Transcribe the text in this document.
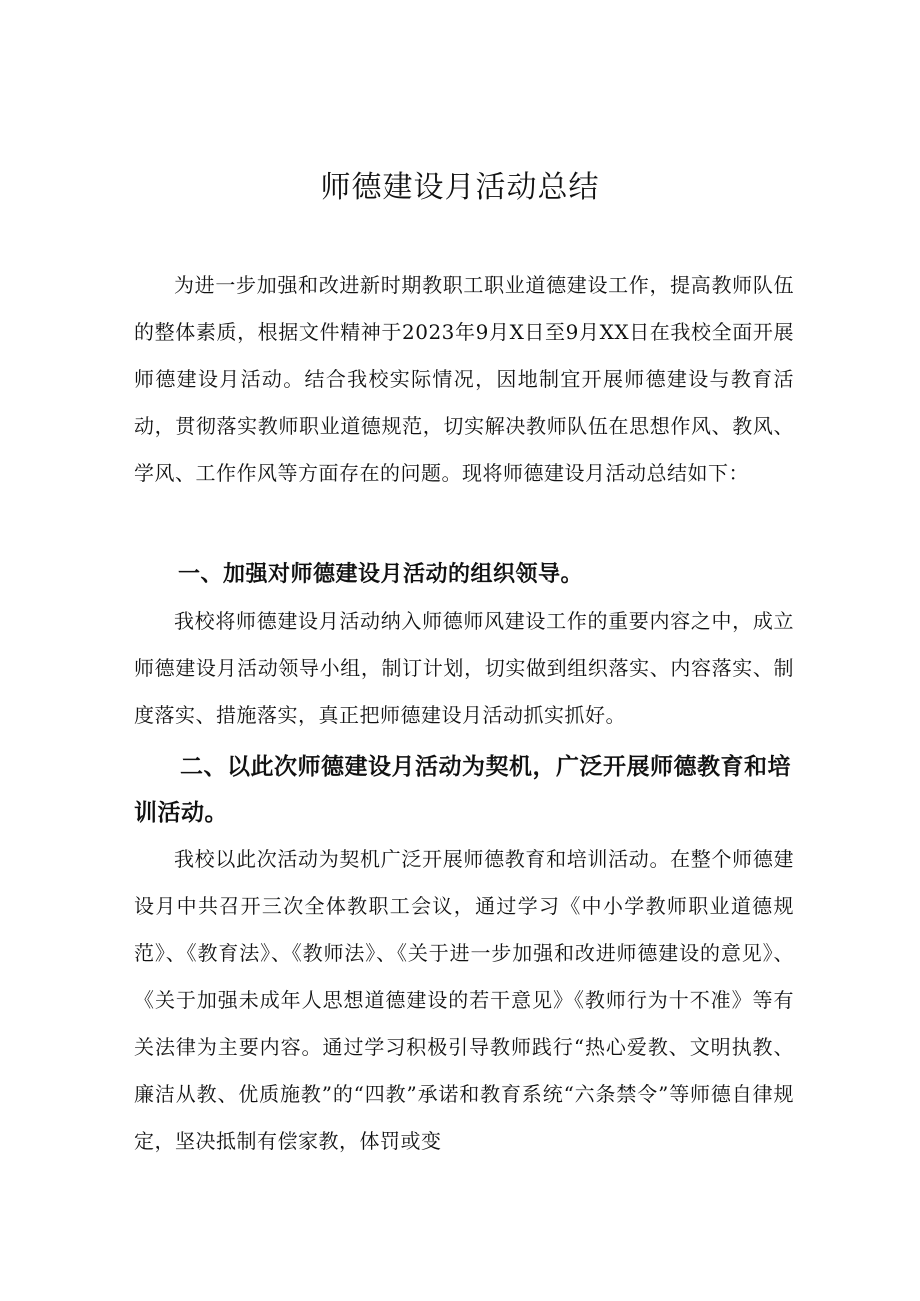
师德建设月活动总结

为进一步加强和改进新时期教职工职业道德建设工作，提高教师队伍的整体素质，根据文件精神于2023年9月X日至9月XX日在我校全面开展师德建设月活动。结合我校实际情况，因地制宜开展师德建设与教育活动，贯彻落实教师职业道德规范，切实解决教师队伍在思想作风、教风、学风、工作作风等方面存在的问题。现将师德建设月活动总结如下：

一、加强对师德建设月活动的组织领导。

我校将师德建设月活动纳入师德师风建设工作的重要内容之中，成立师德建设月活动领导小组，制订计划，切实做到组织落实、内容落实、制度落实、措施落实，真正把师德建设月活动抓实抓好。

二、以此次师德建设月活动为契机，广泛开展师德教育和培训活动。

我校以此次活动为契机广泛开展师德教育和培训活动。在整个师德建设月中共召开三次全体教职工会议，通过学习《中小学教师职业道德规范》、《教育法》、《教师法》、《关于进一步加强和改进师德建设的意见》、《关于加强未成年人思想道德建设的若干意见》《教师行为十不准》等有关法律为主要内容。通过学习积极引导教师践行“热心爱教、文明执教、廉洁从教、优质施教”的“四教”承诺和教育系统“六条禁令”等师德自律规定，坚决抵制有偿家教，体罚或变
